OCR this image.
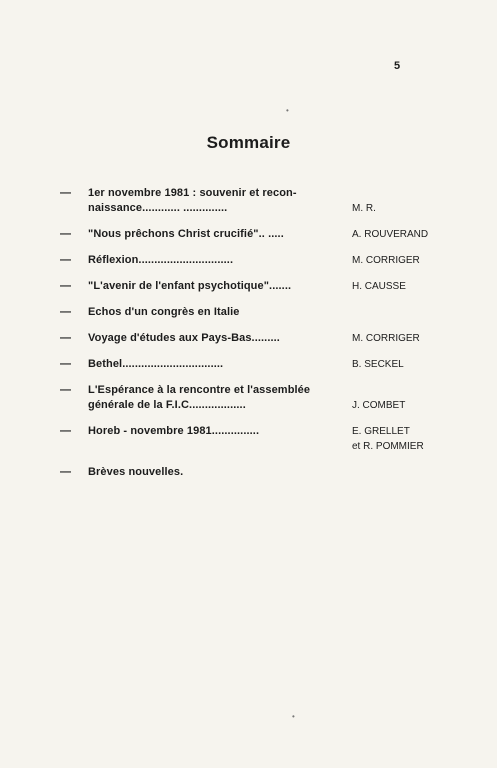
5
Sommaire
—	1er novembre 1981 : souvenir et recon-
naissance............ ..............	M. R.
—	"Nous prêchons Christ crucifié".. .....	A. ROUVERAND
—	Réflexion..............................	M. CORRIGER
—	"L'avenir de l'enfant psychotique".......	H. CAUSSE
—	Echos d'un congrès en Italie
—	Voyage d'études aux Pays-Bas.........	M. CORRIGER
—	Bethel................................	B. SECKEL
—	L'Espérance à la rencontre et l'assemblée
générale de la F.I.C..................	J. COMBET
—	Horeb - novembre 1981...............	E. GRELLET
et R. POMMIER
—	Brèves nouvelles.
•
•
